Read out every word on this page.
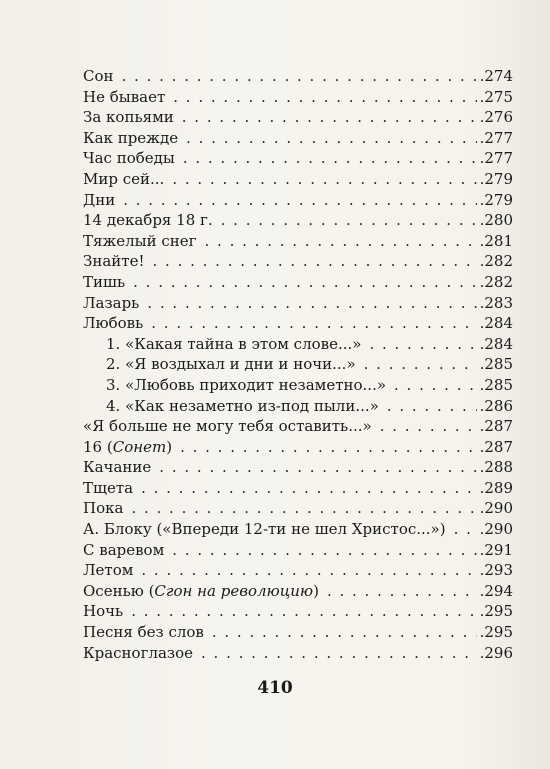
Сон . . .	.274
Не бывает . . .	.275
За копьями . . .	.276
Как прежде . . .	.277
Час победы . . .	.277
Мир сей... . . .	.279
Дни . . .	.279
14 декабря 18 г. . . .	.280
Тяжелый снег . . .	.281
Знайте! . . .	.282
Тишь . . .	.282
Лазарь . . .	.283
Любовь . . .	.284
1. «Какая тайна в этом слове...» . . .	.284
2. «Я воздыхал и дни и ночи...» . . .	.285
3. «Любовь приходит незаметно...» . . .	.285
4. «Как незаметно из-под пыли...» . . .	.286
«Я больше не могу тебя оставить...» . . .	.287
16 (Сонет) . . .	.287
Качание . . .	.288
Тщета . . .	.289
Пока . . .	.290
А. Блоку («Впереди 12-ти не шел Христос...») . . . .290
С варевом . . .	.291
Летом . . .	.293
Осенью (Сгон на революцию) . . .	.294
Ночь . . .	.295
Песня без слов . . .	.295
Красноглазое . . .	.296
410
